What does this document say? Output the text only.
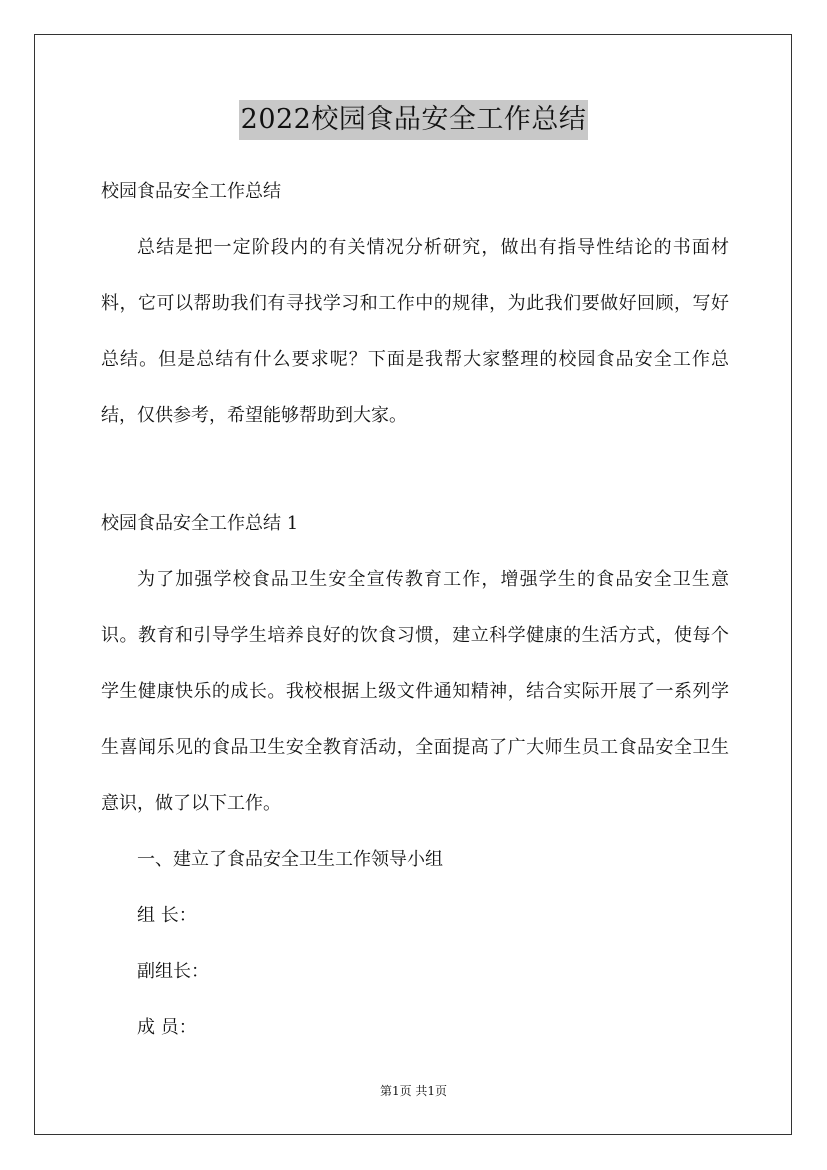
2022校园食品安全工作总结

校园食品安全工作总结

总结是把一定阶段内的有关情况分析研究，做出有指导性结论的书面材料，它可以帮助我们有寻找学习和工作中的规律，为此我们要做好回顾，写好总结。但是总结有什么要求呢？下面是我帮大家整理的校园食品安全工作总结，仅供参考，希望能够帮助到大家。

校园食品安全工作总结 1

为了加强学校食品卫生安全宣传教育工作，增强学生的食品安全卫生意识。教育和引导学生培养良好的饮食习惯，建立科学健康的生活方式，使每个学生健康快乐的成长。我校根据上级文件通知精神，结合实际开展了一系列学生喜闻乐见的食品卫生安全教育活动，全面提高了广大师生员工食品安全卫生意识，做了以下工作。

一、建立了食品安全卫生工作领导小组

组 长：

副组长：

成 员：

第1页 共1页
